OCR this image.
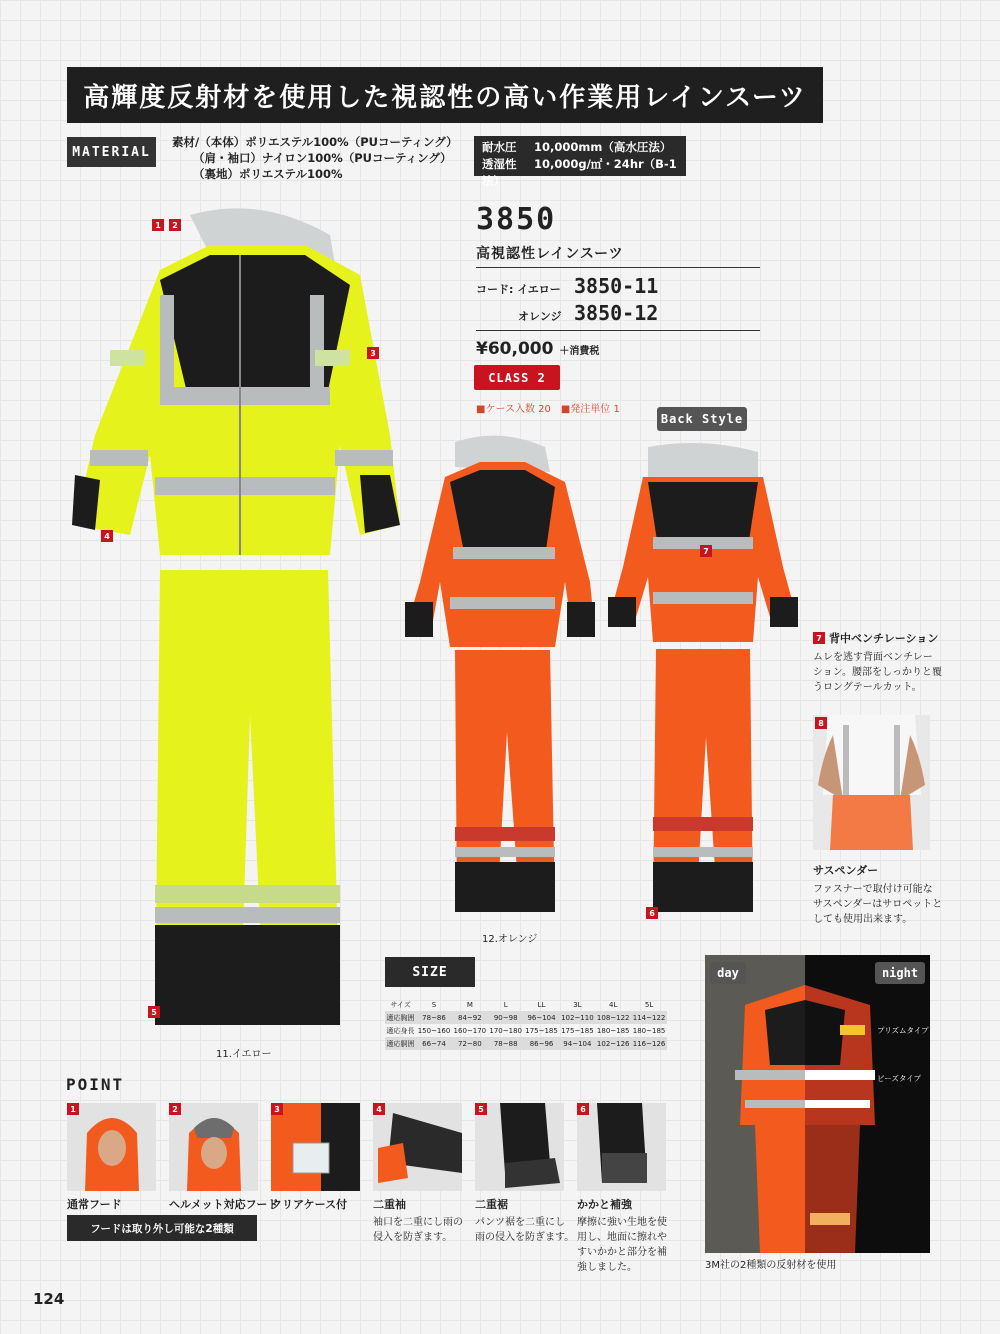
高輝度反射材を使用した視認性の高い作業用レインスーツ
MATERIAL
素材/（本体）ポリエステル100%（PUコーティング）
（肩・袖口）ナイロン100%（PUコーティング）
（裏地）ポリエステル100%
耐水圧 10,000mm（高水圧法）
透湿性 10,000g/㎡・24hr（B-1法）
3850
高視認性レインスーツ
コード: イエロー 3850-11
オレンジ 3850-12
¥60,000 ＋消費税
CLASS 2
■ケース入数 20　■発注単位 1
Back Style
1	2
3
4
5
11.イエロー
12.オレンジ
7
6
7 背中ベンチレーション
ムレを逃す背面ベンチレー
ション。腰部をしっかりと覆
うロングテールカット。
8
サスペンダー
ファスナーで取付け可能な
サスペンダーはサロペットと
しても使用出来ます。
SIZE
サイズ	S	M	L	LL	3L	4L	5L
適応胸囲	78~86	84~92	90~98	96~104	102~110	108~122	114~122
適応身長	150~160	160~170	170~180	175~185	175~185	180~185	180~185
適応胴囲	66~74	72~80	78~88	86~96	94~104	102~126	116~126
day	night
プリズムタイプ
ビーズタイプ
3M社の2種類の反射材を使用
POINT
1	2	3	4	5	6
通常フード	ヘルメット対応フード
クリアケース付 二重袖
袖口を二重にし雨の
侵入を防ぎます。
二重裾
パンツ裾を二重にし
雨の侵入を防ぎます。
かかと補強
摩擦に強い生地を使
用し、地面に擦れや
すいかかと部分を補
強しました。
フードは取り外し可能な2種類
124
